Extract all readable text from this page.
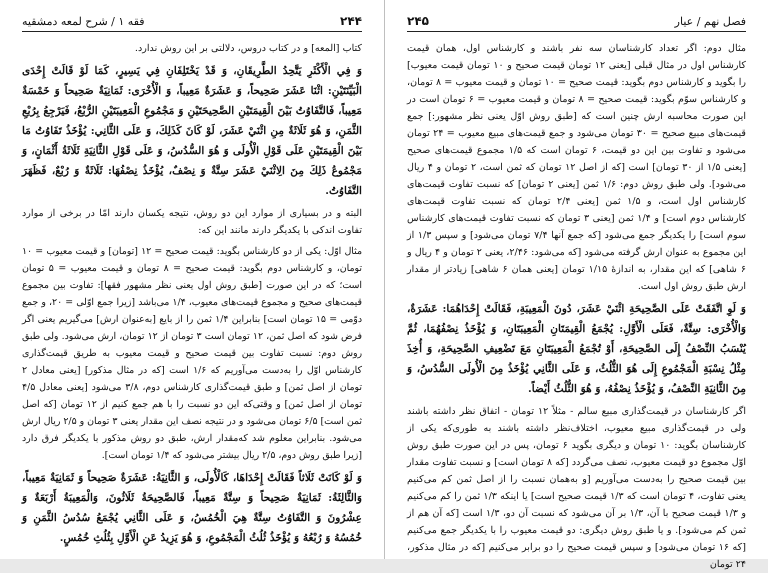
فصل نهم / عیار
۲۴۵

مثال دوم: اگر تعداد کارشناسان سه نفر باشند و کارشناس اول، همان قیمت کارشناس اول در مثال قبلی [یعنی ۱۲ تومان قیمت صحیح و ۱۰ تومان قیمت معیوب] را بگوید و کارشناس دوم بگوید: قیمت صحیح = ۱۰ تومان و قیمت معیوب = ۸ تومان، و کارشناس سوّم بگوید: قیمت صحیح = ۸ تومان و قیمت معیوب = ۶ تومان است در این صورت محاسبه ارش چنین است که [طبق روش اوّل یعنی نظر مشهور:] جمع قیمت‌های مبیع صحیح = ۳۰ تومان می‌شود و جمع قیمت‌های مبیع معیوب = ۲۴ تومان می‌شود و تفاوت بین این دو قیمت، ۶ تومان است که ۱/۵ مجموع قیمت‌های صحیح [یعنی ۱/۵ از ۳۰ تومان] است [که از اصل ۱۲ تومان که ثمن است، ۲ تومان و ۴ ریال می‌شود]. ولی طبق روش دوم: ۱/۶ ثمن [یعنی ۲ تومان] که نسبت تفاوت قیمت‌های کارشناس اول است، و ۱/۵ ثمن [یعنی ۲/۴ تومان که نسبت تفاوت قیمت‌های کارشناس دوم است] و ۱/۴ ثمن [یعنی ۳ تومان که نسبت تفاوت قیمت‌های کارشناس سوم است] را یکدیگر جمع می‌شود [که جمع آنها ۷/۴ تومان می‌شود] و سپس ۱/۳ از این مجموع به عنوان ارش گرفته می‌شود [که می‌شود: ۲/۴۶، یعنی ۲ تومان و ۴ ریال و ۶ شاهی] که این مقدار، به اندازهٔ ۱/۱۵ تومان [یعنی همان ۶ شاهی] زیادتر از مقدار ارش طبق روش اول است.

وَ لَوِ اتَّفَقَتْ عَلَى الصَّحِيحَةِ اثْنَيْ عَشَرَ، دُونَ الْمَعِيبَةِ، فَقَالَتْ إِحْدَاهُمَا: عَشَرَةٌ، وَالْأُخْرَى: سِتَّةٌ، فَعَلَى الْأَوَّلِ: يُجْمَعُ الْقِيمَتَانِ الْمَعِيبَتَانِ، وَ يُؤْخَذُ نِصْفُهُمَا، ثُمَّ يُنْسَبُ النِّصْفُ إِلَى الصَّحِيحَةِ، أَوْ تُجْمَعُ الْمَعِيبَتَانِ مَعَ تَضْعِيفِ الصَّحِيحَةِ، وَ أُخِذَ مِثْلُ نِسْبَةِ الْمَجْمُوعِ إِلَى هُوَ الثُّلُثُ، وَ عَلَى الثَّانِي يُؤْخَذُ مِنَ الْأُولَى السُّدُسُ، وَ مِنَ الثَّانِيَةِ النِّصْفُ، وَ يُؤْخَذُ نِصْفُهُ، وَ هُوَ الثُّلُثُ أَيْضاً.

اگر کارشناسان در قیمت‌گذاری مبیع سالم - مثلاً ۱۲ تومان - اتفاق نظر داشته باشند ولی در قیمت‌گذاری مبیع معیوب، اختلاف‌نظر داشته باشند به طوری‌که یکی از کارشناسان بگوید: ۱۰ تومان و دیگری بگوید ۶ تومان، پس در این صورت طبق روش اوّل مجموع دو قیمت معیوب، نصف می‌گردد [که ۸ تومان است] و نسبت تفاوت مقدار بین قیمت صحیح را به‌دست می‌آوریم [و به‌همان نسبت را از اصل ثمن کم می‌کنیم یعنی تفاوت، ۴ تومان است که ۱/۳ قیمت صحیح است] یا اینکه ۱/۳ ثمن را کم می‌کنیم و ۱/۳ قیمت صحیح با آن، ۱/۳ بر آن می‌شود که نسبت آن دو، ۱/۳ است [که آن هم از ثمن کم می‌شود]. و یا طبق روش دیگری: دو قیمت معیوب را با یکدیگر جمع می‌کنیم [که ۱۶ تومان می‌شود] و سپس قیمت صحیح را دو برابر می‌کنیم [که در مثال مذکور، ۲۴ تومان

۲۴۴
فقه ۱ / شرح لمعه دمشقیه

کتاب [المعه] و در کتاب دروس، دلالتی بر این روش ندارد.

وَ فِي الْأَكْثَرِ يَتَّحِدُ الطَّرِيقَانِ، وَ قَدْ يَخْتَلِفَانِ فِي يَسِيرٍ، كَمَا لَوْ قَالَتْ إِحْدَى الْبَيِّنَتَيْنِ: اثْنَا عَشَرَ صَحِيحاً، وَ عَشَرَةٌ مَعِيباً، وَ الْأُخْرَى: ثَمَانِيَةٌ صَحِيحاً وَ خَمْسَةٌ مَعِيباً، فَالتَّفَاوُتُ بَيْنَ الْقِيمَتَيْنِ الصَّحِيحَتَيْنِ وَ مَجْمُوعِ الْمَعِيبَتَيْنِ الرُّبْعُ، فَيَرْجِعُ بِرُبْعِ الثَّمَنِ، وَ هُوَ ثَلَاثَةٌ مِنِ اثْنَيْ عَشَرَ، لَوْ كَانَ كَذَلِكَ، وَ عَلَى الثَّانِي: يُؤْخَذُ تَفَاوُتُ مَا بَيْنَ الْقِيمَتَيْنِ عَلَى قَوْلِ الْأُولَى وَ هُوَ السُّدُسُ، وَ عَلَى قَوْلِ الثَّانِيَةِ ثَلَاثَةُ أَثْمَانٍ، وَ مَجْمُوعُ ذَلِكَ مِنَ الِاثْنَيْ عَشَرَ سِتَّةٌ وَ نِصْفٌ، يُؤْخَذُ نِصْفُهَا: ثَلَاثَةٌ وَ رُبْعٌ، فَظَهَرَ التَّفَاوُتُ.

البته و در بسیاری از موارد این دو روش، نتیجه یکسان دارند امّا در برخی از موارد تفاوت اندکی با یکدیگر دارند مانند این که:

مثال اوّل: یکی از دو کارشناس بگوید: قیمت صحیح = ۱۲ [تومان] و قیمت معیوب = ۱۰ تومان، و کارشناس دوم بگوید: قیمت صحیح = ۸ تومان و قیمت معیوب = ۵ تومان است؛ که در این صورت [طبق روش اول یعنی نظر مشهور فقها]: تفاوت بین مجموع قیمت‌های صحیح و مجموع قیمت‌های معیوب، ۱/۴ می‌باشد [زیرا جمع اوّلی = ۲۰، و جمع دوّمی = ۱۵ تومان است] بنابراین ۱/۴ ثمن را از بایع [به‌عنوان ارش] می‌گیریم یعنی اگر فرض شود که اصل ثمن، ۱۲ تومان است ۳ تومان از ۱۲ تومان، ارش می‌شود. ولی طبق روش دوم: نسبت تفاوت بین قیمت صحیح و قیمت معیوب به طریق قیمت‌گذاری کارشناس اوّل را به‌دست می‌آوریم که ۱/۶ است [که در مثال مذکور] [یعنی معادل ۲ تومان از اصل ثمن] و طبق قیمت‌گذاری کارشناس دوم، ۳/۸ می‌شود [یعنی معادل ۴/۵ تومان از اصل ثمن] و وقتی‌که این دو نسبت را با هم جمع کنیم از ۱۲ تومان [که اصل ثمن است] ۶/۵ تومان می‌شود و در نتیجه نصف این مقدار یعنی ۳ تومان و ۲/۵ ریال ارش می‌شود. بنابراین معلوم شد که‌مقدار ارش، طبق دو روش مذکور با یکدیگر فرق دارد [زیرا طبق روش دوم، ۲/۵ ریال بیشتر می‌شود که ۱/۴ تومان است].

وَ لَوْ كَانَتْ ثَلَاثاً فَقَالَتْ إِحْدَاهَا، كَالْأُولَى، وَ الثَّانِيَةُ: عَشَرَةٌ صَحِيحاً وَ ثَمَانِيَةٌ مَعِيباً، وَالثَّالِثَةُ: ثَمَانِيَةٌ صَحِيحاً وَ سِتَّةٌ مَعِيباً، فَالصَّحِيحَةُ ثَلَاثُونَ، وَالْمَعِيبَةُ أَرْبَعَةٌ وَ عِشْرُونَ وَ التَّفَاوُتُ سِتَّةٌ هِيَ الْخُمُسُ، وَ عَلَى الثَّانِي يُجْمَعُ سُدُسُ الثَّمَنِ وَ خُمُسُهُ وَ رُبْعُهُ وَ يُؤْخَذُ ثُلُثُ الْمَجْمُوعِ، وَ هُوَ يَزِيدُ عَنِ الْأَوَّلِ بِثُلُثِ خُمُسٍ.
